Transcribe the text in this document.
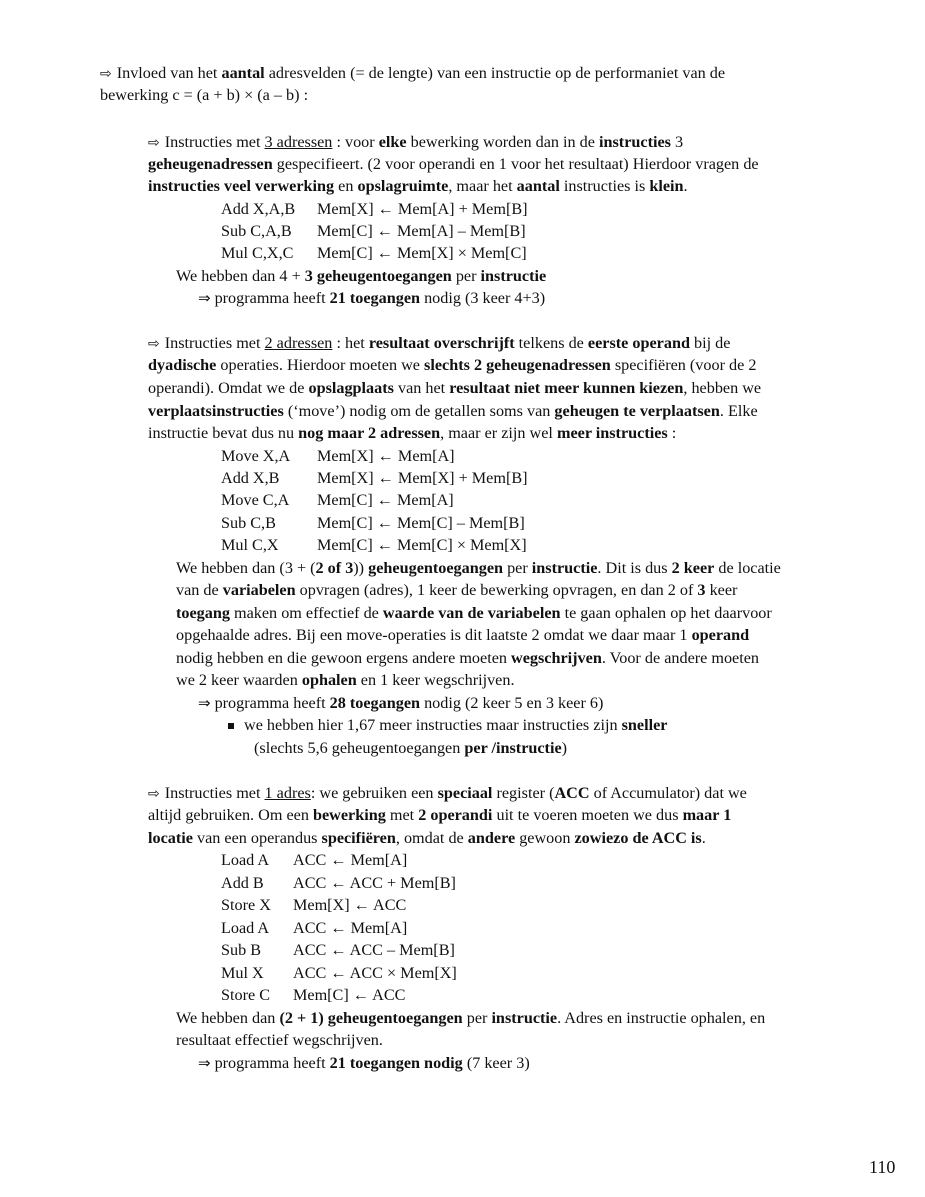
⇨ Invloed van het aantal adresvelden (= de lengte) van een instructie op de performaniet van de
bewerking c = (a + b) × (a – b) :
⇨ Instructies met 3 adressen : voor elke bewerking worden dan in de instructies 3
geheugenadressen gespecifieert. (2 voor operandi en 1 voor het resultaat) Hierdoor vragen de
instructies veel verwerking en opslagruimte, maar het aantal instructies is klein.
Add X,A,B Mem[X] ← Mem[A] + Mem[B]
Sub C,A,B Mem[C] ← Mem[A] – Mem[B]
Mul C,X,C Mem[C] ← Mem[X] × Mem[C]
We hebben dan 4 + 3 geheugentoegangen per instructie
⇒ programma heeft 21 toegangen nodig (3 keer 4+3)
⇨ Instructies met 2 adressen : het resultaat overschrijft telkens de eerste operand bij de
dyadische operaties. Hierdoor moeten we slechts 2 geheugenadressen specifiëren (voor de 2
operandi). Omdat we de opslagplaats van het resultaat niet meer kunnen kiezen, hebben we
verplaatsinstructies (‘move’) nodig om de getallen soms van geheugen te verplaatsen. Elke
instructie bevat dus nu nog maar 2 adressen, maar er zijn wel meer instructies :
Move X,A Mem[X] ← Mem[A]
Add X,B Mem[X] ← Mem[X] + Mem[B]
Move C,A Mem[C] ← Mem[A]
Sub C,B	Mem[C] ← Mem[C] – Mem[B]
Mul C,X Mem[C] ← Mem[C] × Mem[X]
We hebben dan (3 + (2 of 3)) geheugentoegangen per instructie. Dit is dus 2 keer de locatie
van de variabelen opvragen (adres), 1 keer de bewerking opvragen, en dan 2 of 3 keer
toegang maken om effectief de waarde van de variabelen te gaan ophalen op het daarvoor
opgehaalde adres. Bij een move-operaties is dit laatste 2 omdat we daar maar 1 operand
nodig hebben en die gewoon ergens andere moeten wegschrijven. Voor de andere moeten
we 2 keer waarden ophalen en 1 keer wegschrijven.
⇒ programma heeft 28 toegangen nodig (2 keer 5 en 3 keer 6)
we hebben hier 1,67 meer instructies maar instructies zijn sneller
(slechts 5,6 geheugentoegangen per /instructie)
⇨ Instructies met 1 adres: we gebruiken een speciaal register (ACC of Accumulator) dat we
altijd gebruiken. Om een bewerking met 2 operandi uit te voeren moeten we dus maar 1
locatie van een operandus specifiëren, omdat de andere gewoon zowiezo de ACC is.
Load A ACC ← Mem[A]
Add B ACC ← ACC + Mem[B]
Store X Mem[X] ← ACC
Load A ACC ← Mem[A]
Sub B ACC ← ACC – Mem[B]
Mul X ACC ← ACC × Mem[X]
Store C Mem[C] ← ACC
We hebben dan (2 + 1) geheugentoegangen per instructie. Adres en instructie ophalen, en
resultaat effectief wegschrijven.
⇒ programma heeft 21 toegangen nodig (7 keer 3)
110
